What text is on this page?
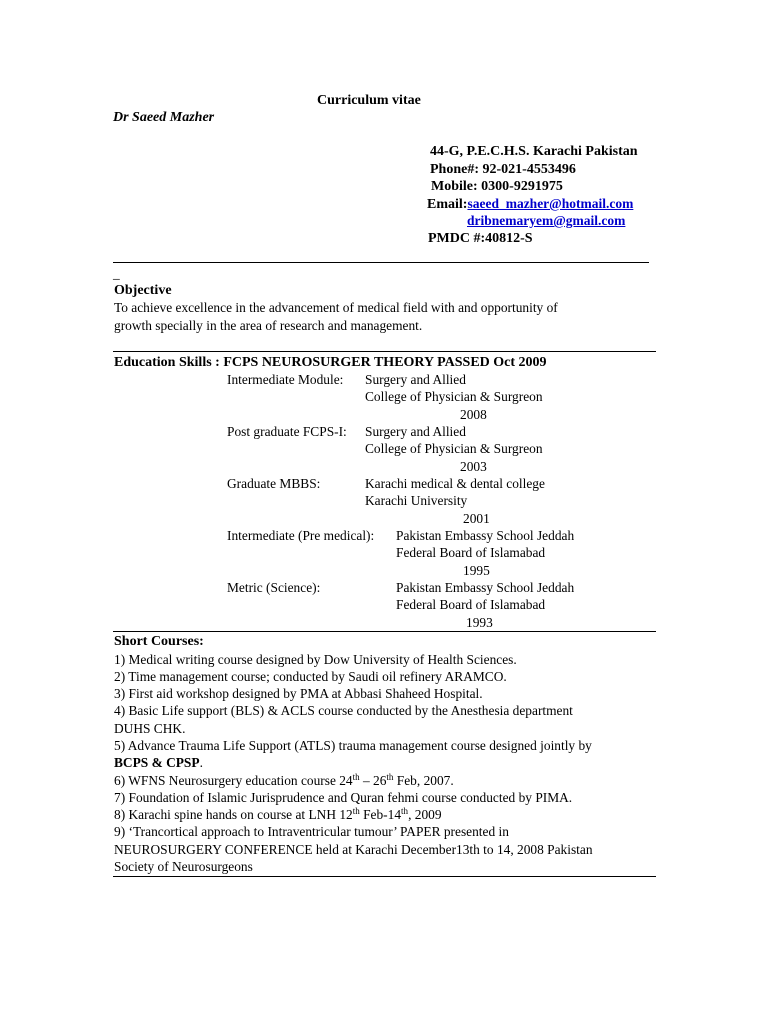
Curriculum vitae
Dr Saeed Mazher
44-G, P.E.C.H.S. Karachi Pakistan
Phone#: 92-021-4553496
Mobile: 0300-9291975
Email:saeed_mazher@hotmail.com
dribnemaryem@gmail.com
PMDC #:40812-S
_
Objective
To achieve excellence in the advancement of medical field with and opportunity of
growth specially in the area of research and management.
Education Skills : FCPS NEUROSURGER THEORY PASSED Oct 2009
Intermediate Module: Surgery and Allied
College of Physician & Surgreon
2008
Post graduate FCPS-I: Surgery and Allied
College of Physician & Surgreon
2003
Graduate MBBS:	Karachi medical & dental college
Karachi University
2001
Intermediate (Pre medical): Pakistan Embassy School Jeddah
Federal Board of Islamabad
1995
Metric (Science):	Pakistan Embassy School Jeddah
Federal Board of Islamabad
1993
Short Courses:
1) Medical writing course designed by Dow University of Health Sciences.
2) Time management course; conducted by Saudi oil refinery ARAMCO.
3) First aid workshop designed by PMA at Abbasi Shaheed Hospital.
4) Basic Life support (BLS) & ACLS course conducted by the Anesthesia department
DUHS CHK.
5) Advance Trauma Life Support (ATLS) trauma management course designed jointly by
BCPS & CPSP.
6) WFNS Neurosurgery education course 24th – 26th Feb, 2007.
7) Foundation of Islamic Jurisprudence and Quran fehmi course conducted by PIMA.
8) Karachi spine hands on course at LNH 12th Feb-14th, 2009
9) ‘Trancortical approach to Intraventricular tumour’ PAPER presented in
NEUROSURGERY CONFERENCE held at Karachi December13th to 14, 2008 Pakistan
Society of Neurosurgeons
